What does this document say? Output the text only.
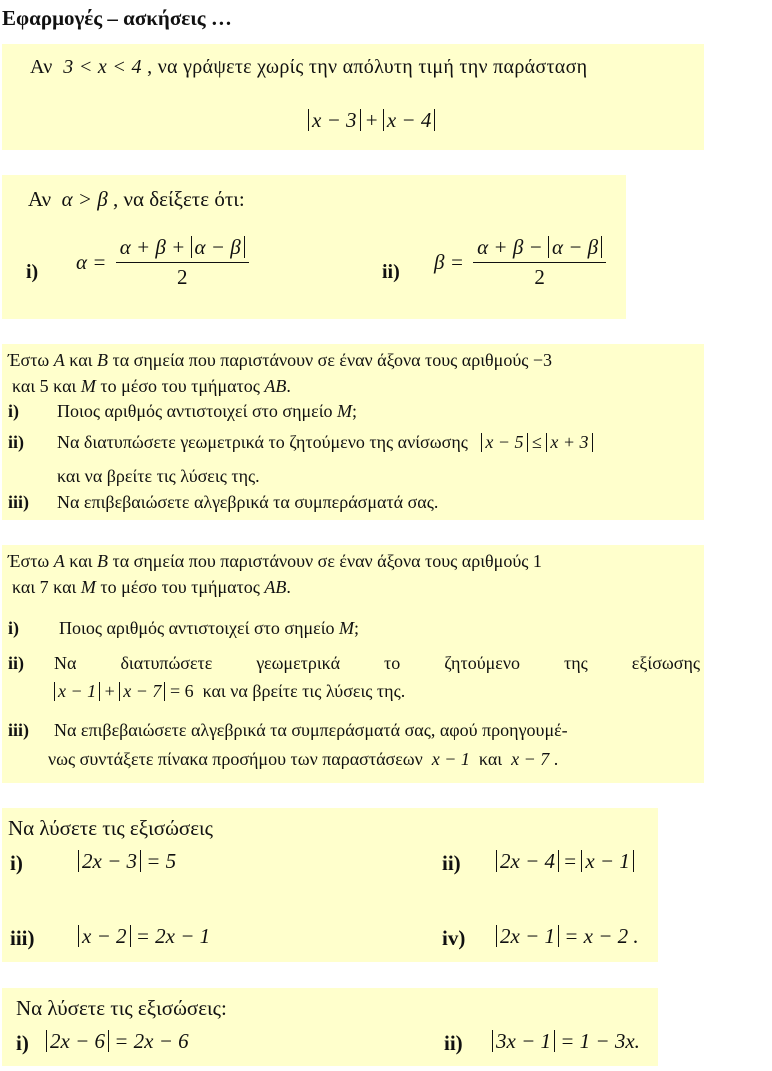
Εφαρμογές – ασκήσεις …
Αν 3 < x < 4 , να γράψετε χωρίς την απόλυτη τιμή την παράσταση
x − 3 + x − 4
Αν α > β , να δείξετε ότι:
i) $\alpha = \frac{\alpha + \beta + \alpha - \beta}{2}$	ii) $\beta = \frac{\alpha + \beta - \alpha - \beta}{2}$
Έστω A και B τα σημεία που παριστάνουν σε έναν άξονα τους αριθμούς −3
και 5 και M το μέσο του τμήματος AB.
i) Ποιος αριθμός αντιστοιχεί στο σημείο M;
ii) Να διατυπώσετε γεωμετρικά το ζητούμενο της ανίσωσης x − 5 ≤ x + 3
και να βρείτε τις λύσεις της.
iii) Να επιβεβαιώσετε αλγεβρικά τα συμπεράσματά σας.
Έστω A και B τα σημεία που παριστάνουν σε έναν άξονα τους αριθμούς 1
και 7 και M το μέσο του τμήματος AB.
i) Ποιος αριθμός αντιστοιχεί στο σημείο M;
ii) Να διατυπώσετε γεωμετρικά το ζητούμενο της εξίσωσης
x − 1 + x − 7 = 6 και να βρείτε τις λύσεις της.
iii) Να επιβεβαιώσετε αλγεβρικά τα συμπεράσματά σας, αφού προηγουμέ-
νως συντάξετε πίνακα προσήμου των παραστάσεων x − 1 και x − 7 .
Να λύσετε τις εξισώσεις
i)	2x − 3 = 5	ii) 2x − 4 = x − 1
iii) x − 2 = 2x − 1	iv) 2x − 1 = x − 2 .
Να λύσετε τις εξισώσεις:
i) 2x − 6 = 2x − 6	ii) 3x − 1 = 1 − 3x.
